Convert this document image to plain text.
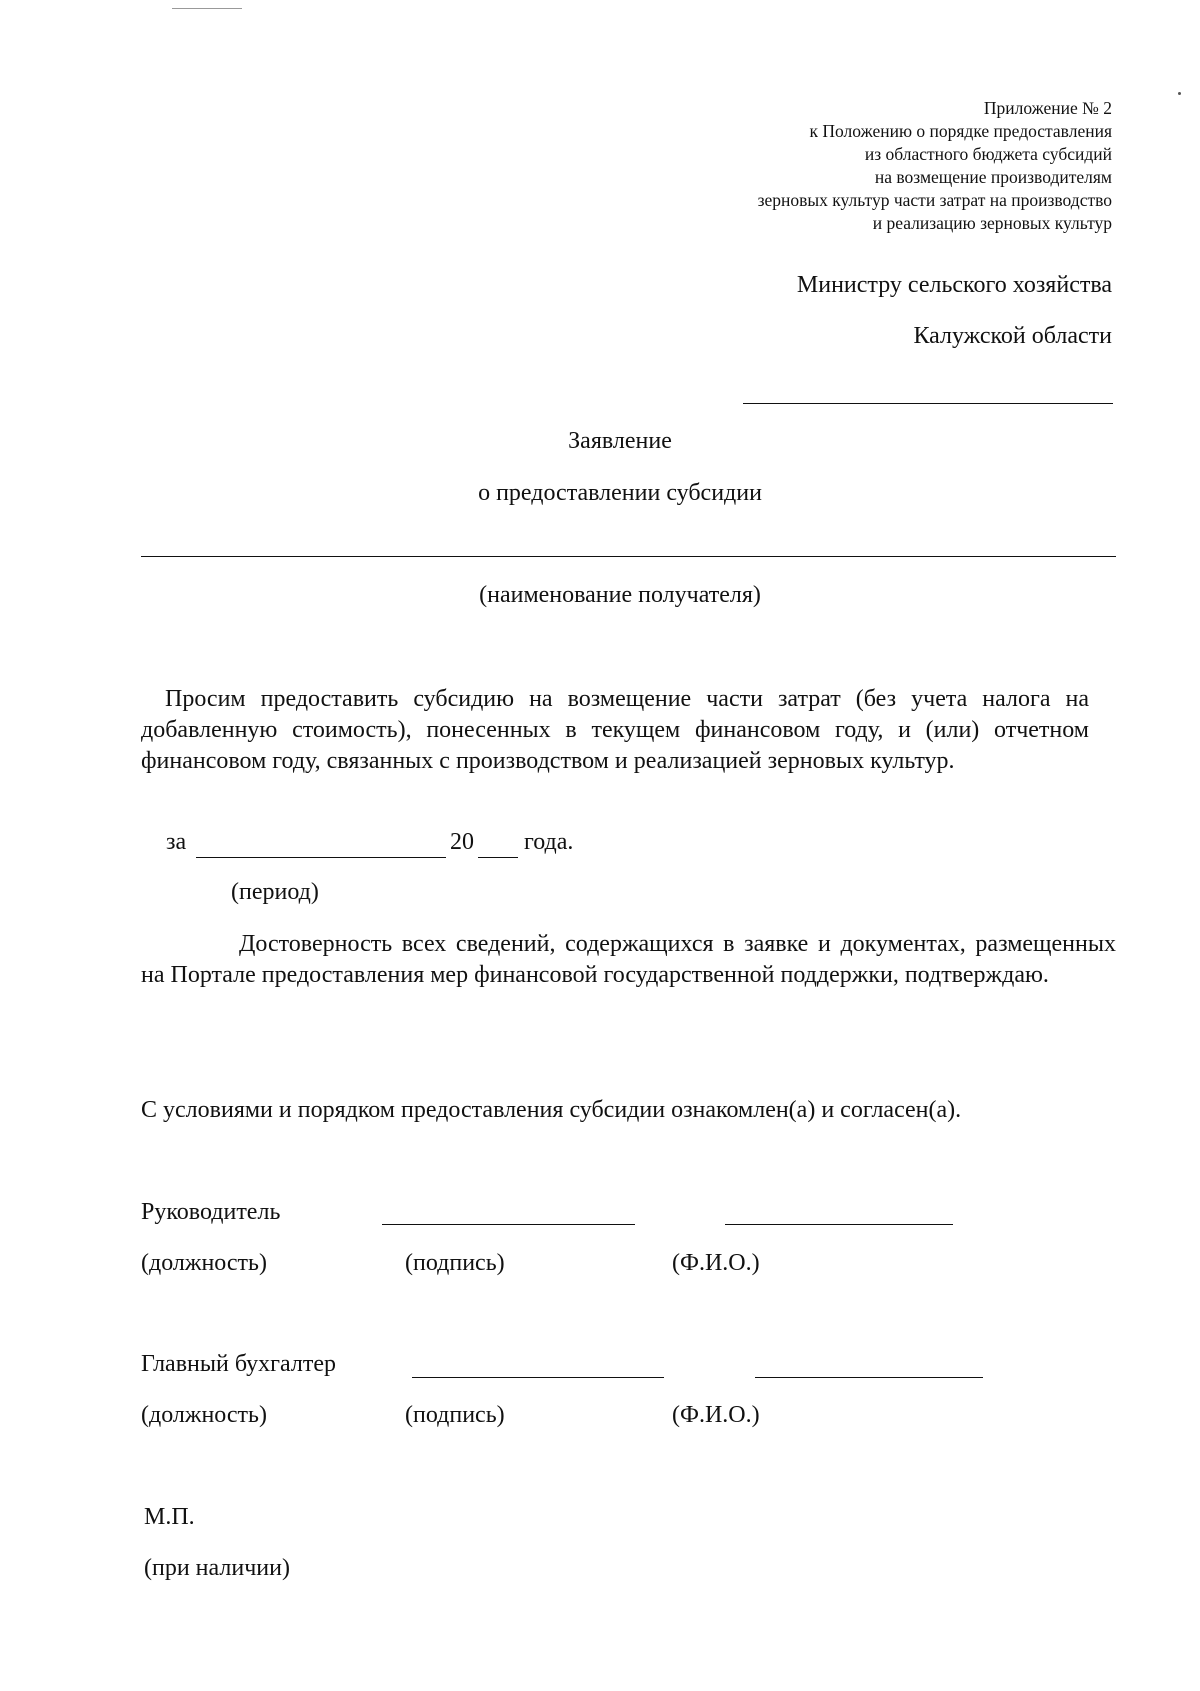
Приложение № 2
к Положению о порядке предоставления
из областного бюджета субсидий
на возмещение производителям
зерновых культур части затрат на производство
и реализацию зерновых культур
Министру сельского хозяйства
Калужской области
Заявление
о предоставлении субсидии
(наименование получателя)
Просим предоставить субсидию на возмещение части затрат (без учета налога на добавленную стоимость), понесенных в текущем финансовом году, и (или) отчетном финансовом году, связанных с производством и реализацией зерновых культур.
за	20 года.
(период)
Достоверность всех сведений, содержащихся в заявке и документах, размещенных на Портале предоставления мер финансовой государственной поддержки, подтверждаю.
С условиями и порядком предоставления субсидии ознакомлен(а) и согласен(а).
Руководитель
(должность)	(подпись)	(Ф.И.О.)
Главный бухгалтер
(должность)	(подпись)	(Ф.И.О.)
М.П.
(при наличии)
